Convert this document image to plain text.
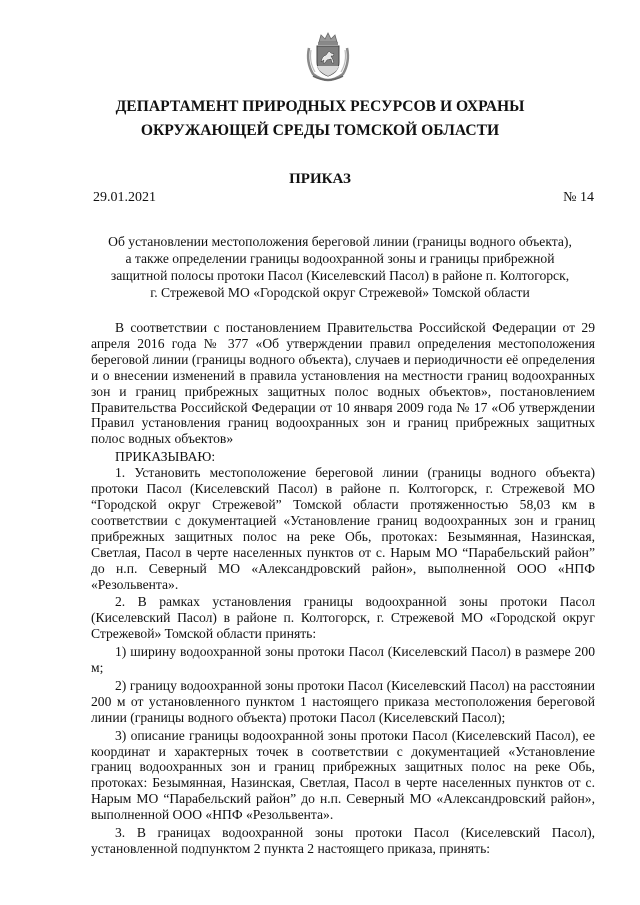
ДЕПАРТАМЕНТ ПРИРОДНЫХ РЕСУРСОВ И ОХРАНЫ
ОКРУЖАЮЩЕЙ СРЕДЫ ТОМСКОЙ ОБЛАСТИ
ПРИКАЗ
29.01.2021	№ 14
Об установлении местоположения береговой линии (границы водного объекта),
а также определении границы водоохранной зоны и границы прибрежной
защитной полосы протоки Пасол (Киселевский Пасол) в районе п. Колтогорск,
г. Стрежевой МО «Городской округ Стрежевой» Томской области

В соответствии с постановлением Правительства Российской Федерации от 29 апреля 2016 года № 377 «Об утверждении правил определения местоположения береговой линии (границы водного объекта), случаев и периодичности её определения и о внесении изменений в правила установления на местности границ водоохранных зон и границ прибрежных защитных полос водных объектов», постановлением Правительства Российской Федерации от 10 января 2009 года № 17 «Об утверждении Правил установления границ водоохранных зон и границ прибрежных защитных полос водных объектов»

ПРИКАЗЫВАЮ:

1. Установить местоположение береговой линии (границы водного объекта) протоки Пасол (Киселевский Пасол) в районе п. Колтогорск, г. Стрежевой МО “Городской округ Стрежевой” Томской области протяженностью 58,03 км в соответствии с документацией «Установление границ водоохранных зон и границ прибрежных защитных полос на реке Обь, протоках: Безымянная, Назинская, Светлая, Пасол в черте населенных пунктов от с. Нарым МО “Парабельский район” до н.п. Северный МО «Александровский район», выполненной ООО «НПФ «Резольвента».

2. В рамках установления границы водоохранной зоны протоки Пасол (Киселевский Пасол) в районе п. Колтогорск, г. Стрежевой МО «Городской округ Стрежевой» Томской области принять:

1) ширину водоохранной зоны протоки Пасол (Киселевский Пасол) в размере 200 м;

2) границу водоохранной зоны протоки Пасол (Киселевский Пасол) на расстоянии 200 м от установленного пунктом 1 настоящего приказа местоположения береговой линии (границы водного объекта) протоки Пасол (Киселевский Пасол);

3) описание границы водоохранной зоны протоки Пасол (Киселевский Пасол), ее координат и характерных точек в соответствии с документацией «Установление границ водоохранных зон и границ прибрежных защитных полос на реке Обь, протоках: Безымянная, Назинская, Светлая, Пасол в черте населенных пунктов от с. Нарым МО “Парабельский район” до н.п. Северный МО «Александровский район», выполненной ООО «НПФ «Резольвента».

3. В границах водоохранной зоны протоки Пасол (Киселевский Пасол), установленной подпунктом 2 пункта 2 настоящего приказа, принять:
